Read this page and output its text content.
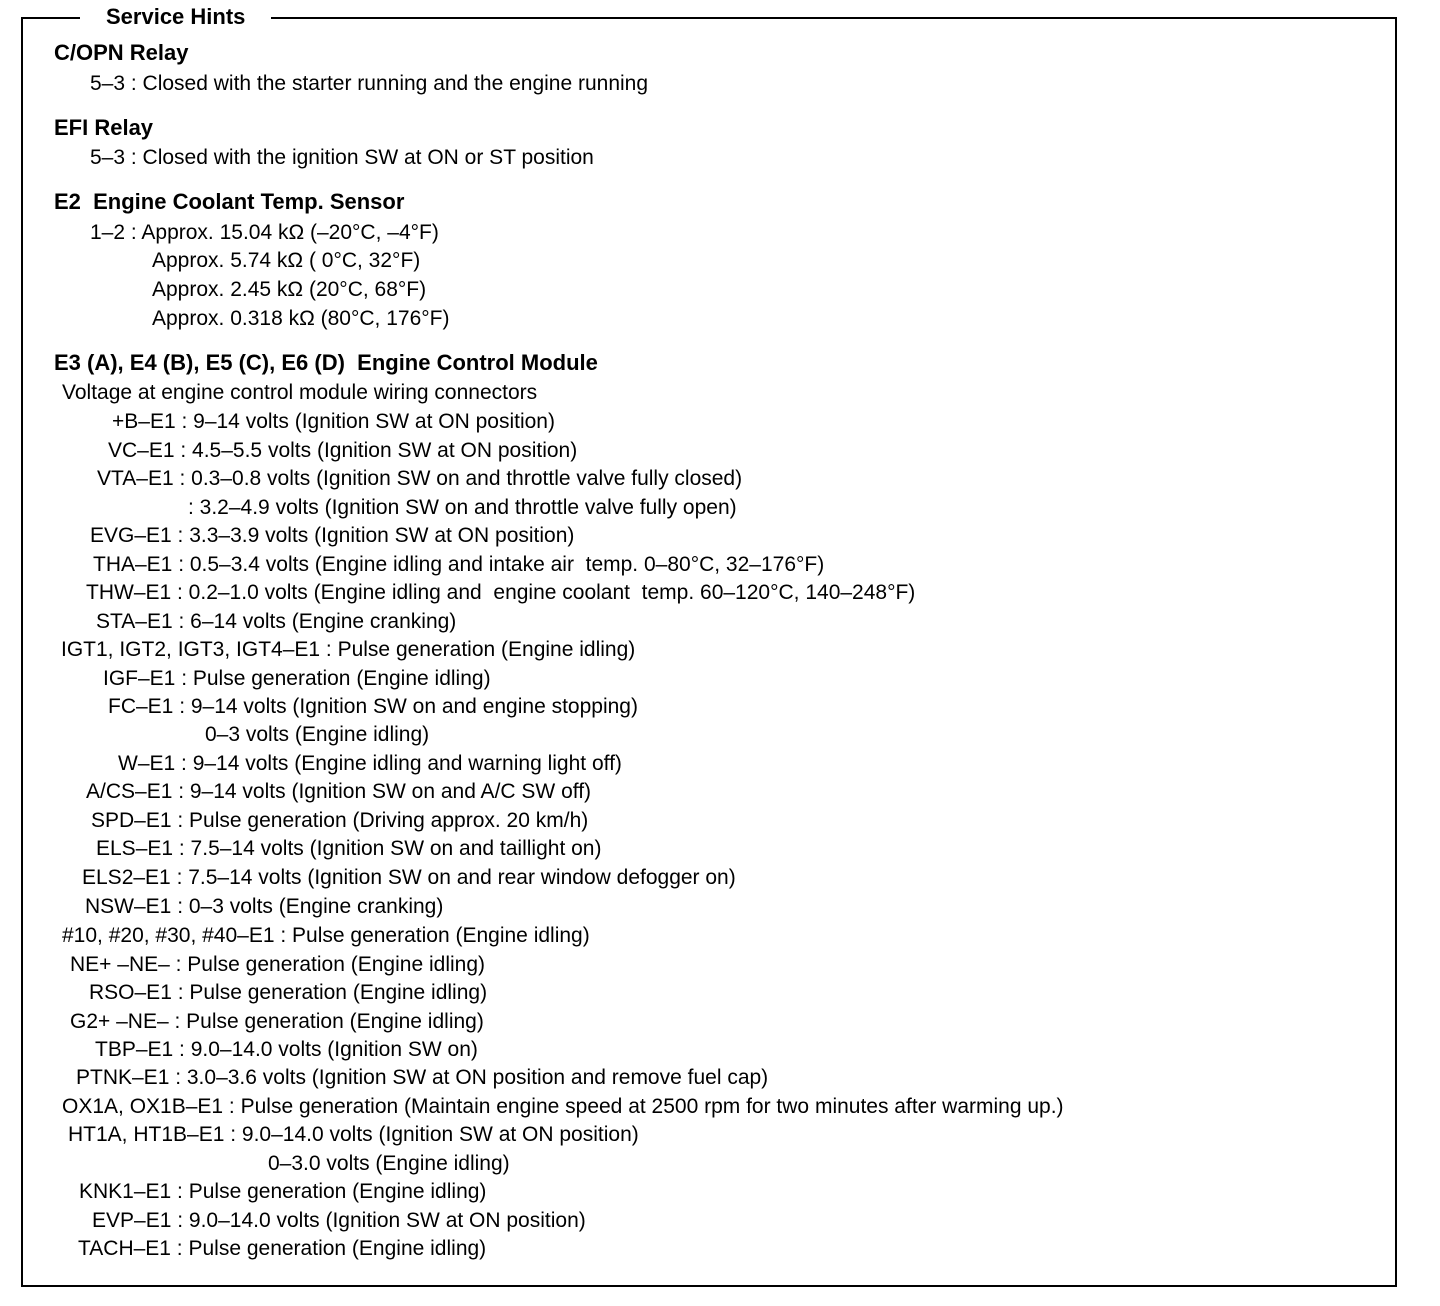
Service Hints
C/OPN Relay
5–3 : Closed with the starter running and the engine running
EFI Relay
5–3 : Closed with the ignition SW at ON or ST position
E2  Engine Coolant Temp. Sensor
1–2 : Approx. 15.04 kΩ (–20°C, –4°F)
Approx. 5.74 kΩ ( 0°C, 32°F)
Approx. 2.45 kΩ (20°C, 68°F)
Approx. 0.318 kΩ (80°C, 176°F)
E3 (A), E4 (B), E5 (C), E6 (D)  Engine Control Module
Voltage at engine control module wiring connectors
+B–E1 : 9–14 volts (Ignition SW at ON position)
VC–E1 : 4.5–5.5 volts (Ignition SW at ON position)
VTA–E1 : 0.3–0.8 volts (Ignition SW on and throttle valve fully closed)
: 3.2–4.9 volts (Ignition SW on and throttle valve fully open)
EVG–E1 : 3.3–3.9 volts (Ignition SW at ON position)
THA–E1 : 0.5–3.4 volts (Engine idling and intake air  temp. 0–80°C, 32–176°F)
THW–E1 : 0.2–1.0 volts (Engine idling and  engine coolant  temp. 60–120°C, 140–248°F)
STA–E1 : 6–14 volts (Engine cranking)
IGT1, IGT2, IGT3, IGT4–E1 : Pulse generation (Engine idling)
IGF–E1 : Pulse generation (Engine idling)
FC–E1 : 9–14 volts (Ignition SW on and engine stopping)
0–3 volts (Engine idling)
W–E1 : 9–14 volts (Engine idling and warning light off)
A/CS–E1 : 9–14 volts (Ignition SW on and A/C SW off)
SPD–E1 : Pulse generation (Driving approx. 20 km/h)
ELS–E1 : 7.5–14 volts (Ignition SW on and taillight on)
ELS2–E1 : 7.5–14 volts (Ignition SW on and rear window defogger on)
NSW–E1 : 0–3 volts (Engine cranking)
#10, #20, #30, #40–E1 : Pulse generation (Engine idling)
NE+ –NE– : Pulse generation (Engine idling)
RSO–E1 : Pulse generation (Engine idling)
G2+ –NE– : Pulse generation (Engine idling)
TBP–E1 : 9.0–14.0 volts (Ignition SW on)
PTNK–E1 : 3.0–3.6 volts (Ignition SW at ON position and remove fuel cap)
OX1A, OX1B–E1 : Pulse generation (Maintain engine speed at 2500 rpm for two minutes after warming up.)
HT1A, HT1B–E1 : 9.0–14.0 volts (Ignition SW at ON position)
0–3.0 volts (Engine idling)
KNK1–E1 : Pulse generation (Engine idling)
EVP–E1 : 9.0–14.0 volts (Ignition SW at ON position)
TACH–E1 : Pulse generation (Engine idling)
